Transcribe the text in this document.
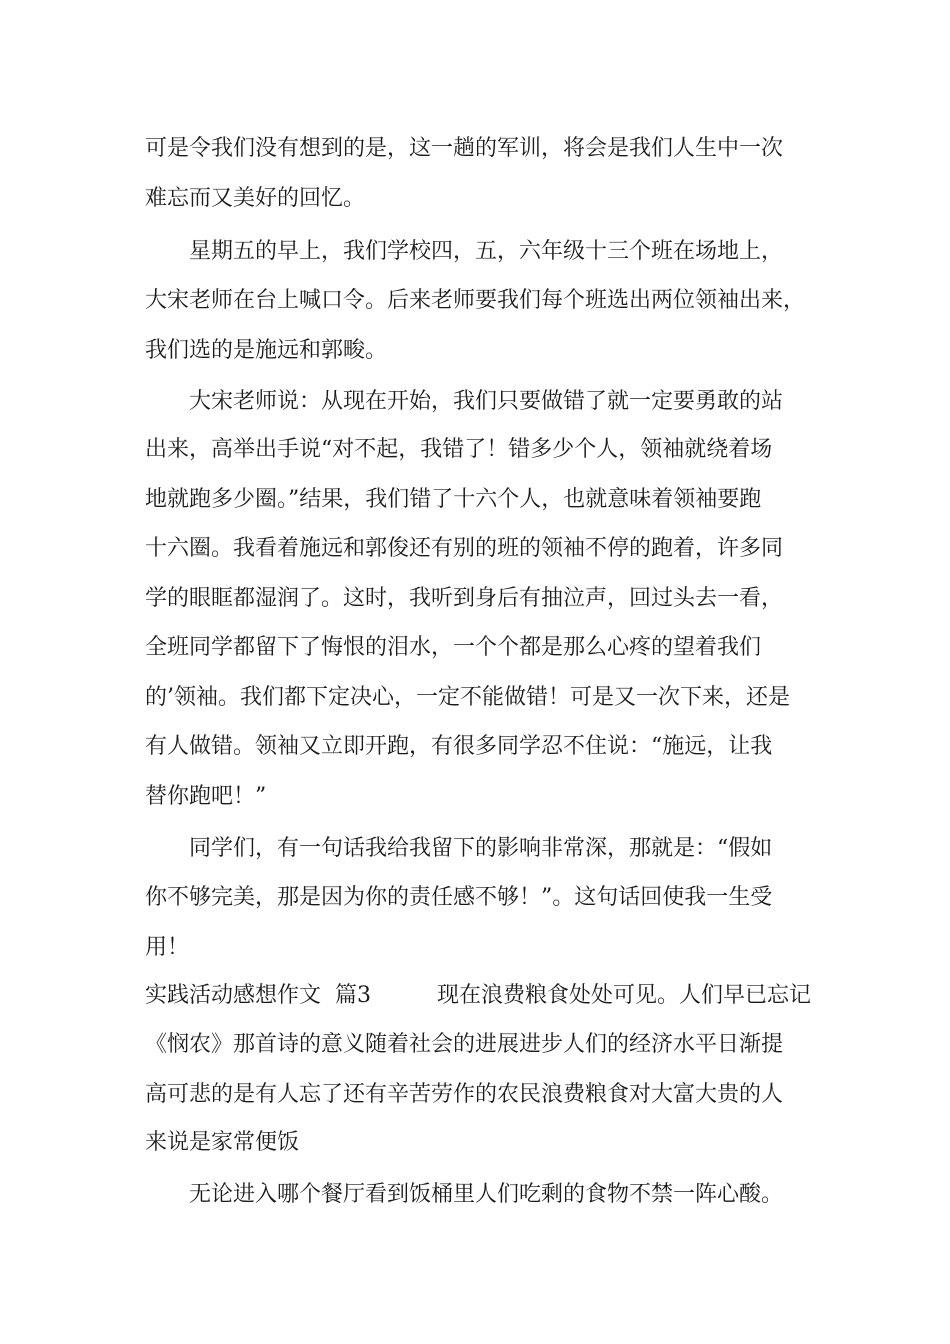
可是令我们没有想到的是，这一趟的军训，将会是我们人生中一次
难忘而又美好的回忆。
　　星期五的早上，我们学校四，五，六年级十三个班在场地上，
大宋老师在台上喊口令。后来老师要我们每个班选出两位领袖出来，
我们选的是施远和郭畯。
　　大宋老师说：从现在开始，我们只要做错了就一定要勇敢的站
出来，高举出手说“对不起，我错了！错多少个人，领袖就绕着场
地就跑多少圈。”结果，我们错了十六个人，也就意味着领袖要跑
十六圈。我看着施远和郭俊还有别的班的领袖不停的跑着，许多同
学的眼眶都湿润了。这时，我听到身后有抽泣声，回过头去一看，
全班同学都留下了悔恨的泪水，一个个都是那么心疼的望着我们
的’领袖。我们都下定决心，一定不能做错！可是又一次下来，还是
有人做错。领袖又立即开跑，有很多同学忍不住说：“施远，让我
替你跑吧！”
　　同学们，有一句话我给我留下的影响非常深，那就是：“假如
你不够完美，那是因为你的责任感不够！”。这句话回使我一生受
用！
实践活动感想作文  篇3　　　现在浪费粮食处处可见。人们早已忘记
《悯农》那首诗的意义随着社会的进展进步人们的经济水平日渐提
高可悲的是有人忘了还有辛苦劳作的农民浪费粮食对大富大贵的人
来说是家常便饭
　　无论进入哪个餐厅看到饭桶里人们吃剩的食物不禁一阵心酸。
